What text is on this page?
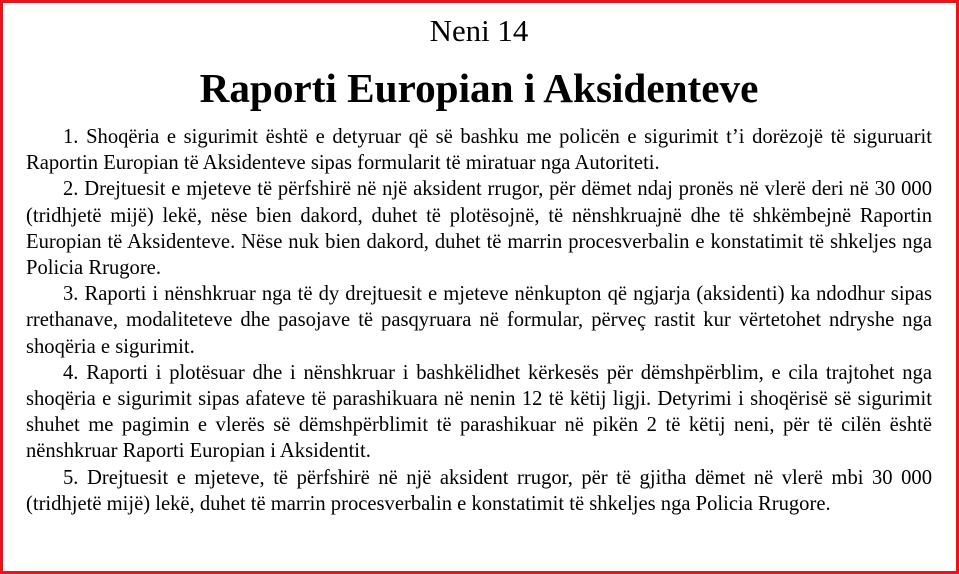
Neni 14
Raporti Europian i Aksidenteve

1. Shoqëria e sigurimit është e detyruar që së bashku me policën e sigurimit t’i dorëzojë të siguruarit Raportin Europian të Aksidenteve sipas formularit të miratuar nga Autoriteti.

2. Drejtuesit e mjeteve të përfshirë në një aksident rrugor, për dëmet ndaj pronës në vlerë deri në 30 000 (tridhjetë mijë) lekë, nëse bien dakord, duhet të plotësojnë, të nënshkruajnë dhe të shkëmbejnë Raportin Europian të Aksidenteve. Nëse nuk bien dakord, duhet të marrin procesverbalin e konstatimit të shkeljes nga Policia Rrugore.

3. Raporti i nënshkruar nga të dy drejtuesit e mjeteve nënkupton që ngjarja (aksidenti) ka ndodhur sipas rrethanave, modaliteteve dhe pasojave të pasqyruara në formular, përveç rastit kur vërtetohet ndryshe nga shoqëria e sigurimit.

4. Raporti i plotësuar dhe i nënshkruar i bashkëlidhet kërkesës për dëmshpërblim, e cila trajtohet nga shoqëria e sigurimit sipas afateve të parashikuara në nenin 12 të këtij ligji. Detyrimi i shoqërisë së sigurimit shuhet me pagimin e vlerës së dëmshpërblimit të parashikuar në pikën 2 të këtij neni, për të cilën është nënshkruar Raporti Europian i Aksidentit.

5. Drejtuesit e mjeteve, të përfshirë në një aksident rrugor, për të gjitha dëmet në vlerë mbi 30 000 (tridhjetë mijë) lekë, duhet të marrin procesverbalin e konstatimit të shkeljes nga Policia Rrugore.
